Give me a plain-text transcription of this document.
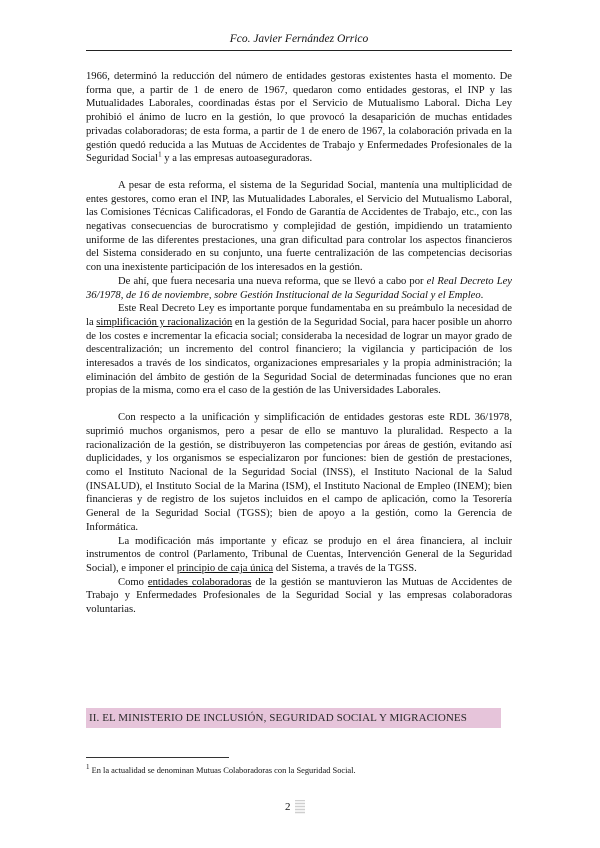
Fco. Javier Fernández Orrico

1966, determinó la reducción del número de entidades gestoras existentes hasta el momento. De forma que, a partir de 1 de enero de 1967, quedaron como entidades gestoras, el INP y las Mutualidades Laborales, coordinadas éstas por el Servicio de Mutualismo Laboral. Dicha Ley prohibió el ánimo de lucro en la gestión, lo que provocó la desaparición de muchas entidades privadas colaboradoras; de esta forma, a partir de 1 de enero de 1967, la colaboración privada en la gestión quedó reducida a las Mutuas de Accidentes de Trabajo y Enfermedades Profesionales de la Seguridad Social$^1$ y a las empresas autoaseguradoras.

A pesar de esta reforma, el sistema de la Seguridad Social, mantenía una multiplicidad de entes gestores, como eran el INP, las Mutualidades Laborales, el Servicio del Mutualismo Laboral, las Comisiones Técnicas Calificadoras, el Fondo de Garantía de Accidentes de Trabajo, etc., con las negativas consecuencias de burocratismo y complejidad de gestión, impidiendo un tratamiento uniforme de las diferentes prestaciones, una gran dificultad para controlar los aspectos financieros del Sistema considerado en su conjunto, una fuerte centralización de las competencias decisorias con una inexistente participación de los interesados en la gestión.

De ahí, que fuera necesaria una nueva reforma, que se llevó a cabo por el Real Decreto Ley 36/1978, de 16 de noviembre, sobre Gestión Institucional de la Seguridad Social y el Empleo.

Este Real Decreto Ley es importante porque fundamentaba en su preámbulo la necesidad de la simplificación y racionalización en la gestión de la Seguridad Social, para hacer posible un ahorro de los costes e incrementar la eficacia social; consideraba la necesidad de lograr un mayor grado de descentralización; un incremento del control financiero; la vigilancia y participación de los interesados a través de los sindicatos, organizaciones empresariales y la propia administración; la eliminación del ámbito de gestión de la Seguridad Social de determinadas funciones que no eran propias de la misma, como era el caso de la gestión de las Universidades Laborales.

Con respecto a la unificación y simplificación de entidades gestoras este RDL 36/1978, suprimió muchos organismos, pero a pesar de ello se mantuvo la pluralidad. Respecto a la racionalización de la gestión, se distribuyeron las competencias por áreas de gestión, evitando así duplicidades, y los organismos se especializaron por funciones: bien de gestión de prestaciones, como el Instituto Nacional de la Seguridad Social (INSS), el Instituto Nacional de la Salud (INSALUD), el Instituto Social de la Marina (ISM), el Instituto Nacional de Empleo (INEM); bien financieras y de registro de los sujetos incluidos en el campo de aplicación, como la Tesorería General de la Seguridad Social (TGSS); bien de apoyo a la gestión, como la Gerencia de Informática.

La modificación más importante y eficaz se produjo en el área financiera, al incluir instrumentos de control (Parlamento, Tribunal de Cuentas, Intervención General de la Seguridad Social), e imponer el principio de caja única del Sistema, a través de la TGSS.

Como entidades colaboradoras de la gestión se mantuvieron las Mutuas de Accidentes de Trabajo y Enfermedades Profesionales de la Seguridad Social y las empresas colaboradoras voluntarias.

II. EL MINISTERIO DE INCLUSIÓN, SEGURIDAD SOCIAL Y MIGRACIONES
$^1$ En la actualidad se denominan Mutuas Colaboradoras con la Seguridad Social.
2
